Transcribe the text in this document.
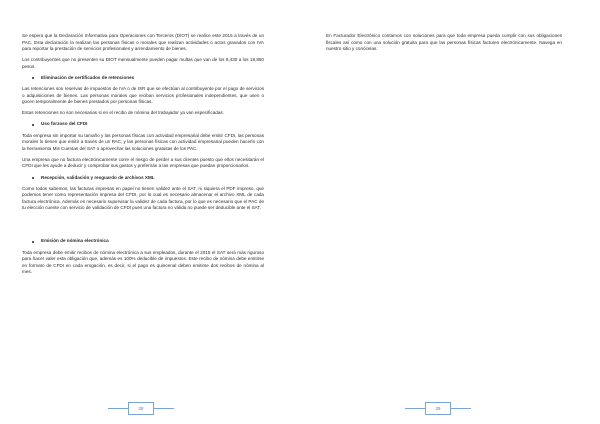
Se espera que la Declaración Informativa para Operaciones con Terceros (DIOT) se realice este 2015 a través de un PAC. Esta declaración la realizan las personas físicas o morales que realizan actividades o actos gravados con IVA para reportar la prestación de servicios profesionales y arrendamiento de bienes.

Los contribuyentes que no presenten su DIOT mensualmente pueden pagar multas que van de los 9,430 a los 18,860 pesos.

Eliminación de certificados de retenciones

Las retenciones son reservas de impuestos de IVA o de ISR que se efectúan al contribuyente por el pago de servicios o adquisiciones de bienes. Las personas morales que reciban servicios profesionales independientes, que usen o gocen temporalmente de bienes prestados por personas físicas.

Estas retenciones no son necesarias si en el recibo de nómina del trabajador ya van especificadas.

Uso forzoso del CFDI

Toda empresa sin importar su tamaño y las personas físicas con actividad empresarial debe emitir CFDI, las personas morales lo tienen que emitir a través de un PAC, y las personas físicas con actividad empresarial pueden hacerlo con la herramienta Mis Cuentas del SAT o aprovechar las soluciones gratuitas de los PAC.

Una empresa que no factura electrónicamente corre el riesgo de perder a sus clientes puesto que ellos necesitarán el CFDI que les ayude a deducir y comprobar sus gastos y preferirán a las empresas que puedan proporcionarlos.

Recepción, validación y resguardo de archivos XML

Como todos sabemos, las facturas impresas en papel no tienen validez ante el SAT, ni siquiera el PDF impreso, que podemos tener como representación impresa del CFDI, por lo cual es necesario almacenar el archivo XML de cada factura electrónica. Además es necesario supervisar la validez de cada factura, por lo que es necesario que el PAC de tu elección cuente con servicio de validación de CFDI pues una factura no válida no puede ser deducible ante el SAT.

Emisión de nómina electrónica

Toda empresa debe emitir recibos de nómina electrónica a sus empleados, durante el 2015 el SAT será más riguroso para hacer valer esta obligación que, además es 100% deducible de impuestos. Este recibo de nómina debe emitirse en formato de CFDI en cada erogación, es decir, si el pago es quincenal deben emitirse dos recibos de nómina al mes.

28

En Facturador Electrónico contamos con soluciones para que toda empresa pueda cumplir con sus obligaciones fiscales así como con una solución gratuita para que las personas físicas facturen electrónicamente. Navega en nuestro sitio y conócelas.

29
